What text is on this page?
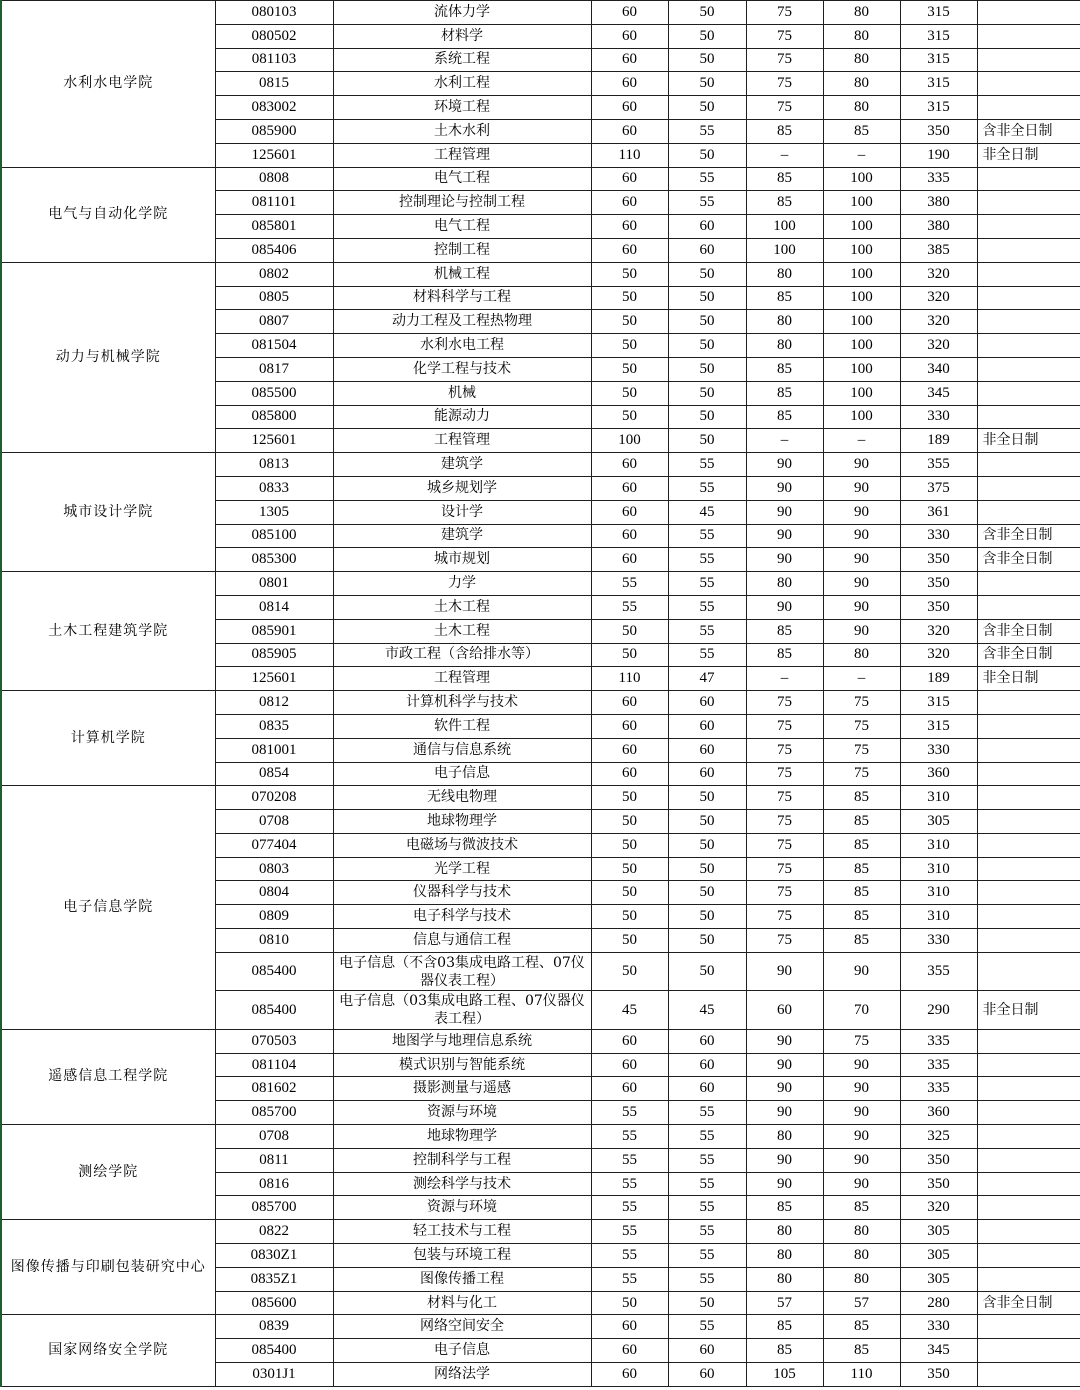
水利水电学院	080103	流体力学	60	50	75	80	315	
	080502	材料学	60	50	75	80	315	
	081103	系统工程	60	50	75	80	315	
	0815	水利工程	60	50	75	80	315	
	083002	环境工程	60	50	75	80	315	
	085900	土木水利	60	55	85	85	350	含非全日制
	125601	工程管理	110	50	–	–	190	非全日制
电气与自动化学院	0808	电气工程	60	55	85	100	335	
	081101	控制理论与控制工程	60	55	85	100	380	
	085801	电气工程	60	60	100	100	380	
	085406	控制工程	60	60	100	100	385	
动力与机械学院	0802	机械工程	50	50	80	100	320	
	0805	材料科学与工程	50	50	85	100	320	
	0807	动力工程及工程热物理	50	50	80	100	320	
	081504	水利水电工程	50	50	80	100	320	
	0817	化学工程与技术	50	50	85	100	340	
	085500	机械	50	50	85	100	345	
	085800	能源动力	50	50	85	100	330	
	125601	工程管理	100	50	–	–	189	非全日制
城市设计学院	0813	建筑学	60	55	90	90	355	
	0833	城乡规划学	60	55	90	90	375	
	1305	设计学	60	45	90	90	361	
	085100	建筑学	60	55	90	90	330	含非全日制
	085300	城市规划	60	55	90	90	350	含非全日制
土木工程建筑学院	0801	力学	55	55	80	90	350	
	0814	土木工程	55	55	90	90	350	
	085901	土木工程	50	55	85	90	320	含非全日制
	085905	市政工程（含给排水等）	50	55	85	80	320	含非全日制
	125601	工程管理	110	47	–	–	189	非全日制
计算机学院	0812	计算机科学与技术	60	60	75	75	315	
	0835	软件工程	60	60	75	75	315	
	081001	通信与信息系统	60	60	75	75	330	
	0854	电子信息	60	60	75	75	360	
电子信息学院	070208	无线电物理	50	50	75	85	310	
	0708	地球物理学	50	50	75	85	305	
	077404	电磁场与微波技术	50	50	75	85	310	
	0803	光学工程	50	50	75	85	310	
	0804	仪器科学与技术	50	50	75	85	310	
	0809	电子科学与技术	50	50	75	85	310	
	0810	信息与通信工程	50	50	75	85	330	
	085400	电子信息（不含03集成电路工程、07仪器仪表工程）	50	50	90	90	355	
	085400	电子信息（03集成电路工程、07仪器仪表工程）	45	45	60	70	290	非全日制
遥感信息工程学院	070503	地图学与地理信息系统	60	60	90	75	335	
	081104	模式识别与智能系统	60	60	90	90	335	
	081602	摄影测量与遥感	60	60	90	90	335	
	085700	资源与环境	55	55	90	90	360	
测绘学院	0708	地球物理学	55	55	80	90	325	
	0811	控制科学与工程	55	55	90	90	350	
	0816	测绘科学与技术	55	55	90	90	350	
	085700	资源与环境	55	55	85	85	320	
图像传播与印刷包装研究中心	0822	轻工技术与工程	55	55	80	80	305	
	0830Z1	包装与环境工程	55	55	80	80	305	
	0835Z1	图像传播工程	55	55	80	80	305	
	085600	材料与化工	50	50	57	57	280	含非全日制
国家网络安全学院	0839	网络空间安全	60	55	85	85	330	
	085400	电子信息	60	60	85	85	345	
	0301J1	网络法学	60	60	105	110	350	
